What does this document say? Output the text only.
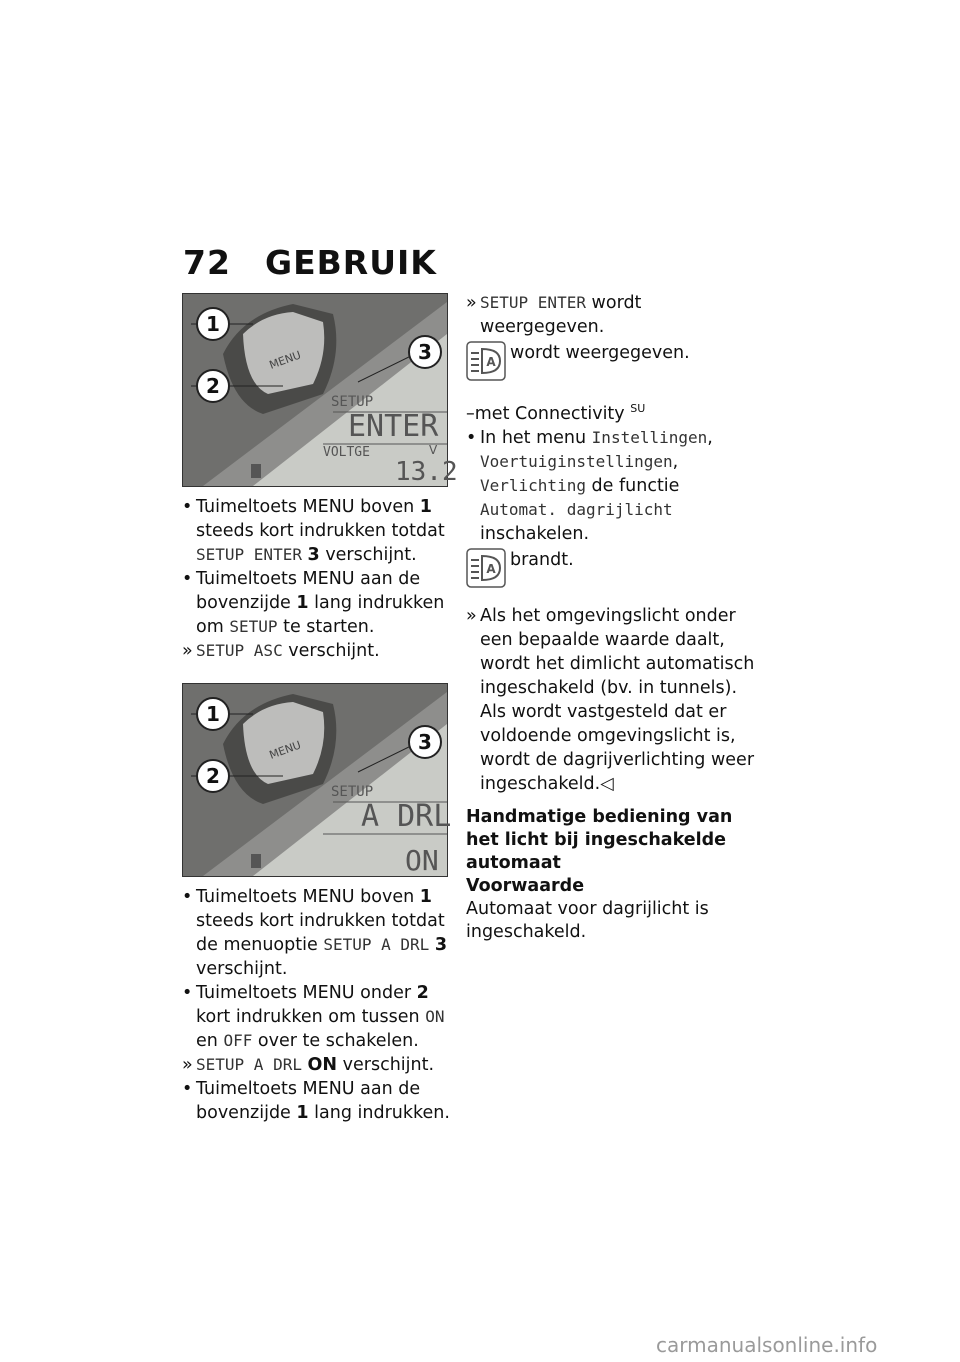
72 GEBRUIK
MENU
SETUP
ENTER
VOLTGE	V
13.2
1
2
3

• Tuimeltoets MENU boven 1 steeds kort indrukken totdat SETUP ENTER 3 verschijnt.

• Tuimeltoets MENU aan de bovenzijde 1 lang indrukken om SETUP te starten.

» SETUP ASC verschijnt.

MENU
SETUP
A DRL
ON
1
2
3

• Tuimeltoets MENU boven 1 steeds kort indrukken totdat de menuoptie SETUP A DRL 3 verschijnt.

• Tuimeltoets MENU onder 2 kort indrukken om tussen ON en OFF over te schakelen.

» SETUP A DRL ON verschijnt.

• Tuimeltoets MENU aan de bovenzijde 1 lang indrukken.

» SETUP ENTER wordt weergegeven.

A wordt weergegeven.
–met Connectivity $^{SU}$

• In het menu Instellingen, Voertuiginstellingen, Verlichting de functie Automat. dagrijlicht inschakelen.

A brandt.

» Als het omgevingslicht onder een bepaalde waarde daalt, wordt het dimlicht automatisch ingeschakeld (bv. in tunnels). Als wordt vastgesteld dat er voldoende omgevingslicht is, wordt de dagrijverlichting weer ingeschakeld.◁

Handmatige bediening van het licht bij ingeschakelde automaat
Voorwaarde
Automaat voor dagrijlicht is ingeschakeld.
carmanualsonline.info
